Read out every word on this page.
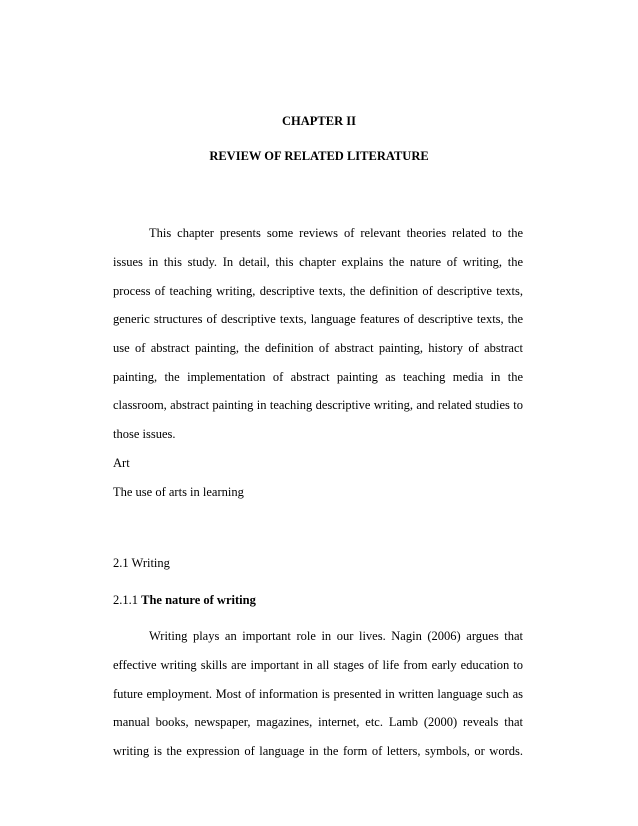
CHAPTER II
REVIEW OF RELATED LITERATURE
This chapter presents some reviews of relevant theories related to the
issues in this study. In detail, this chapter explains the nature of writing, the
process of teaching writing, descriptive texts, the definition of descriptive texts,
generic structures of descriptive texts, language features of descriptive texts, the
use of abstract painting, the definition of abstract painting, history of abstract
painting, the implementation of abstract painting as teaching media in the
classroom, abstract painting in teaching descriptive writing, and related studies to
those issues.
Art
The use of arts in learning
2.1 Writing
2.1.1 The nature of writing
Writing plays an important role in our lives. Nagin (2006) argues that
effective writing skills are important in all stages of life from early education to
future employment. Most of information is presented in written language such as
manual books, newspaper, magazines, internet, etc. Lamb (2000) reveals that
writing is the expression of language in the form of letters, symbols, or words.
